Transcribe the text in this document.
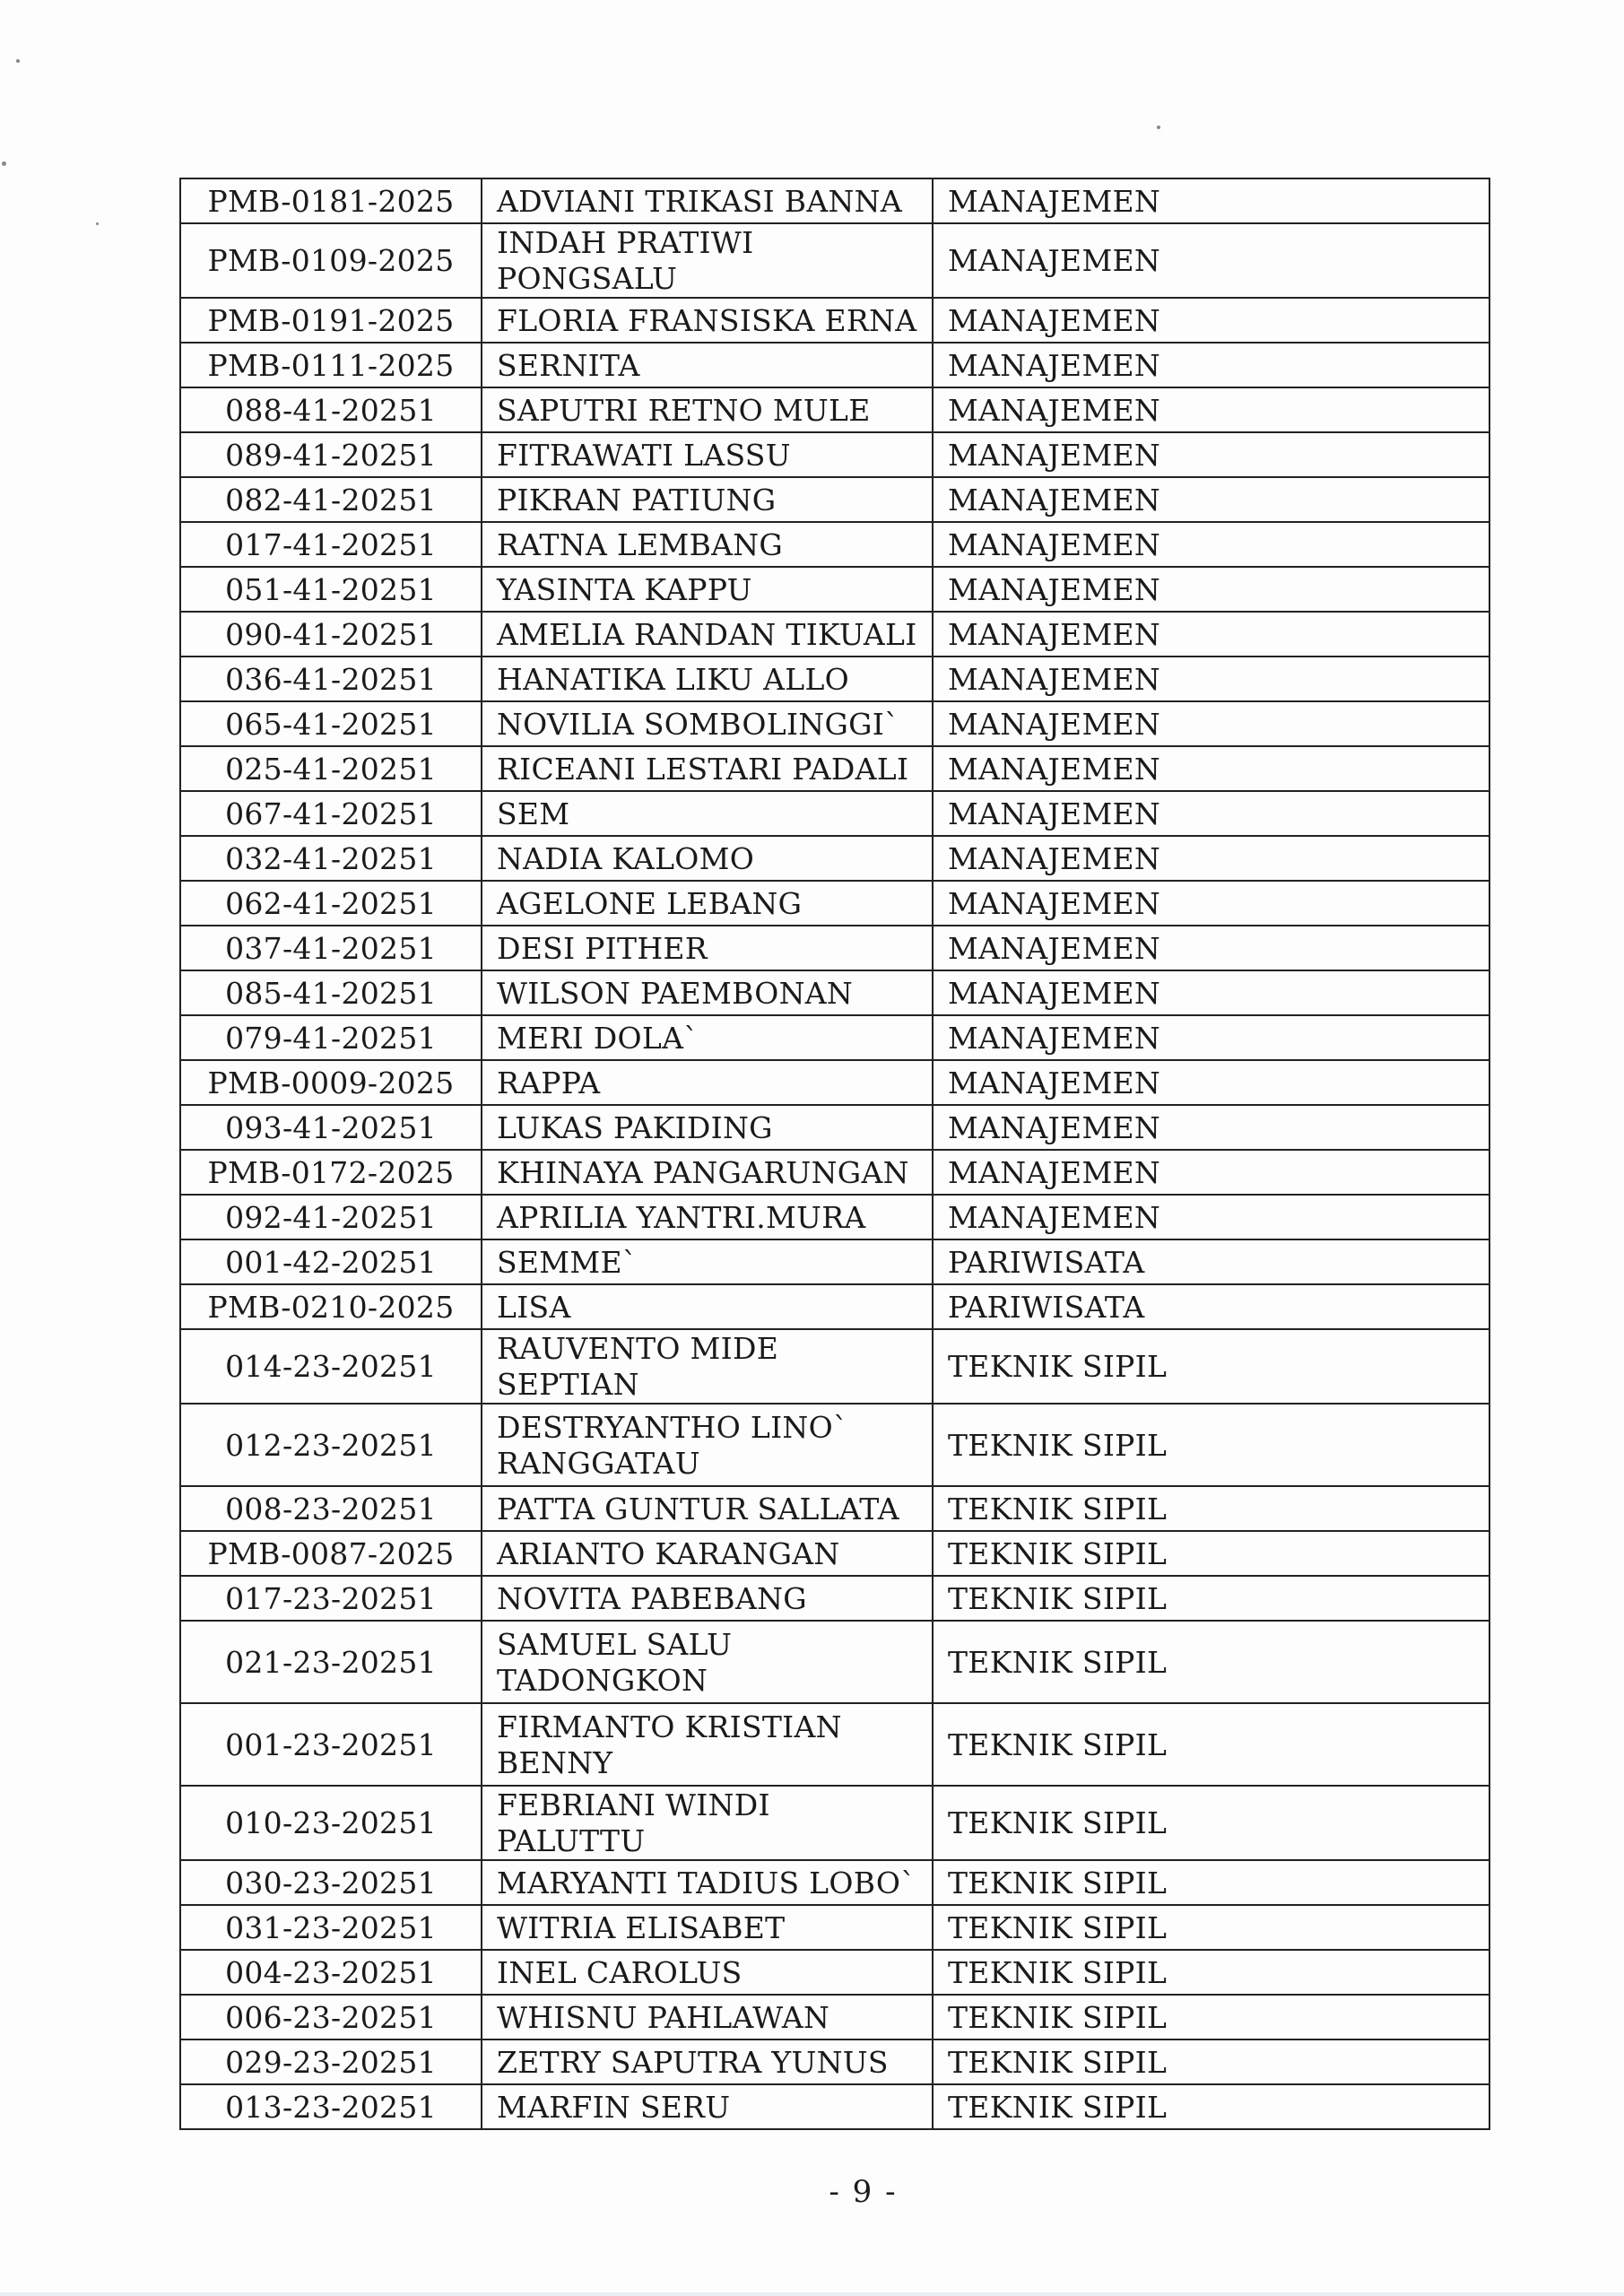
PMB-0181-2025	ADVIANI TRIKASI BANNA	MANAJEMEN
PMB-0109-2025	INDAH PRATIWI PONGSALU	MANAJEMEN
PMB-0191-2025	FLORIA FRANSISKA ERNA	MANAJEMEN
PMB-0111-2025	SERNITA	MANAJEMEN
088-41-20251	SAPUTRI RETNO MULE	MANAJEMEN
089-41-20251	FITRAWATI LASSU	MANAJEMEN
082-41-20251	PIKRAN PATIUNG	MANAJEMEN
017-41-20251	RATNA LEMBANG	MANAJEMEN
051-41-20251	YASINTA KAPPU	MANAJEMEN
090-41-20251	AMELIA RANDAN TIKUALI	MANAJEMEN
036-41-20251	HANATIKA LIKU ALLO	MANAJEMEN
065-41-20251	NOVILIA SOMBOLINGGI`	MANAJEMEN
025-41-20251	RICEANI LESTARI PADALI	MANAJEMEN
067-41-20251	SEM	MANAJEMEN
032-41-20251	NADIA KALOMO	MANAJEMEN
062-41-20251	AGELONE LEBANG	MANAJEMEN
037-41-20251	DESI PITHER	MANAJEMEN
085-41-20251	WILSON PAEMBONAN	MANAJEMEN
079-41-20251	MERI DOLA`	MANAJEMEN
PMB-0009-2025	RAPPA	MANAJEMEN
093-41-20251	LUKAS PAKIDING	MANAJEMEN
PMB-0172-2025	KHINAYA PANGARUNGAN	MANAJEMEN
092-41-20251	APRILIA YANTRI.MURA	MANAJEMEN
001-42-20251	SEMME`	PARIWISATA
PMB-0210-2025	LISA	PARIWISATA
014-23-20251	RAUVENTO MIDE SEPTIAN	TEKNIK SIPIL
012-23-20251	DESTRYANTHO LINO` RANGGATAU	TEKNIK SIPIL
008-23-20251	PATTA GUNTUR SALLATA	TEKNIK SIPIL
PMB-0087-2025	ARIANTO KARANGAN	TEKNIK SIPIL
017-23-20251	NOVITA PABEBANG	TEKNIK SIPIL
021-23-20251	SAMUEL SALU TADONGKON	TEKNIK SIPIL
001-23-20251	FIRMANTO KRISTIAN BENNY	TEKNIK SIPIL
010-23-20251	FEBRIANI WINDI PALUTTU	TEKNIK SIPIL
030-23-20251	MARYANTI TADIUS LOBO`	TEKNIK SIPIL
031-23-20251	WITRIA ELISABET	TEKNIK SIPIL
004-23-20251	INEL CAROLUS	TEKNIK SIPIL
006-23-20251	WHISNU PAHLAWAN	TEKNIK SIPIL
029-23-20251	ZETRY SAPUTRA YUNUS	TEKNIK SIPIL
013-23-20251	MARFIN SERU	TEKNIK SIPIL
- 9 -
